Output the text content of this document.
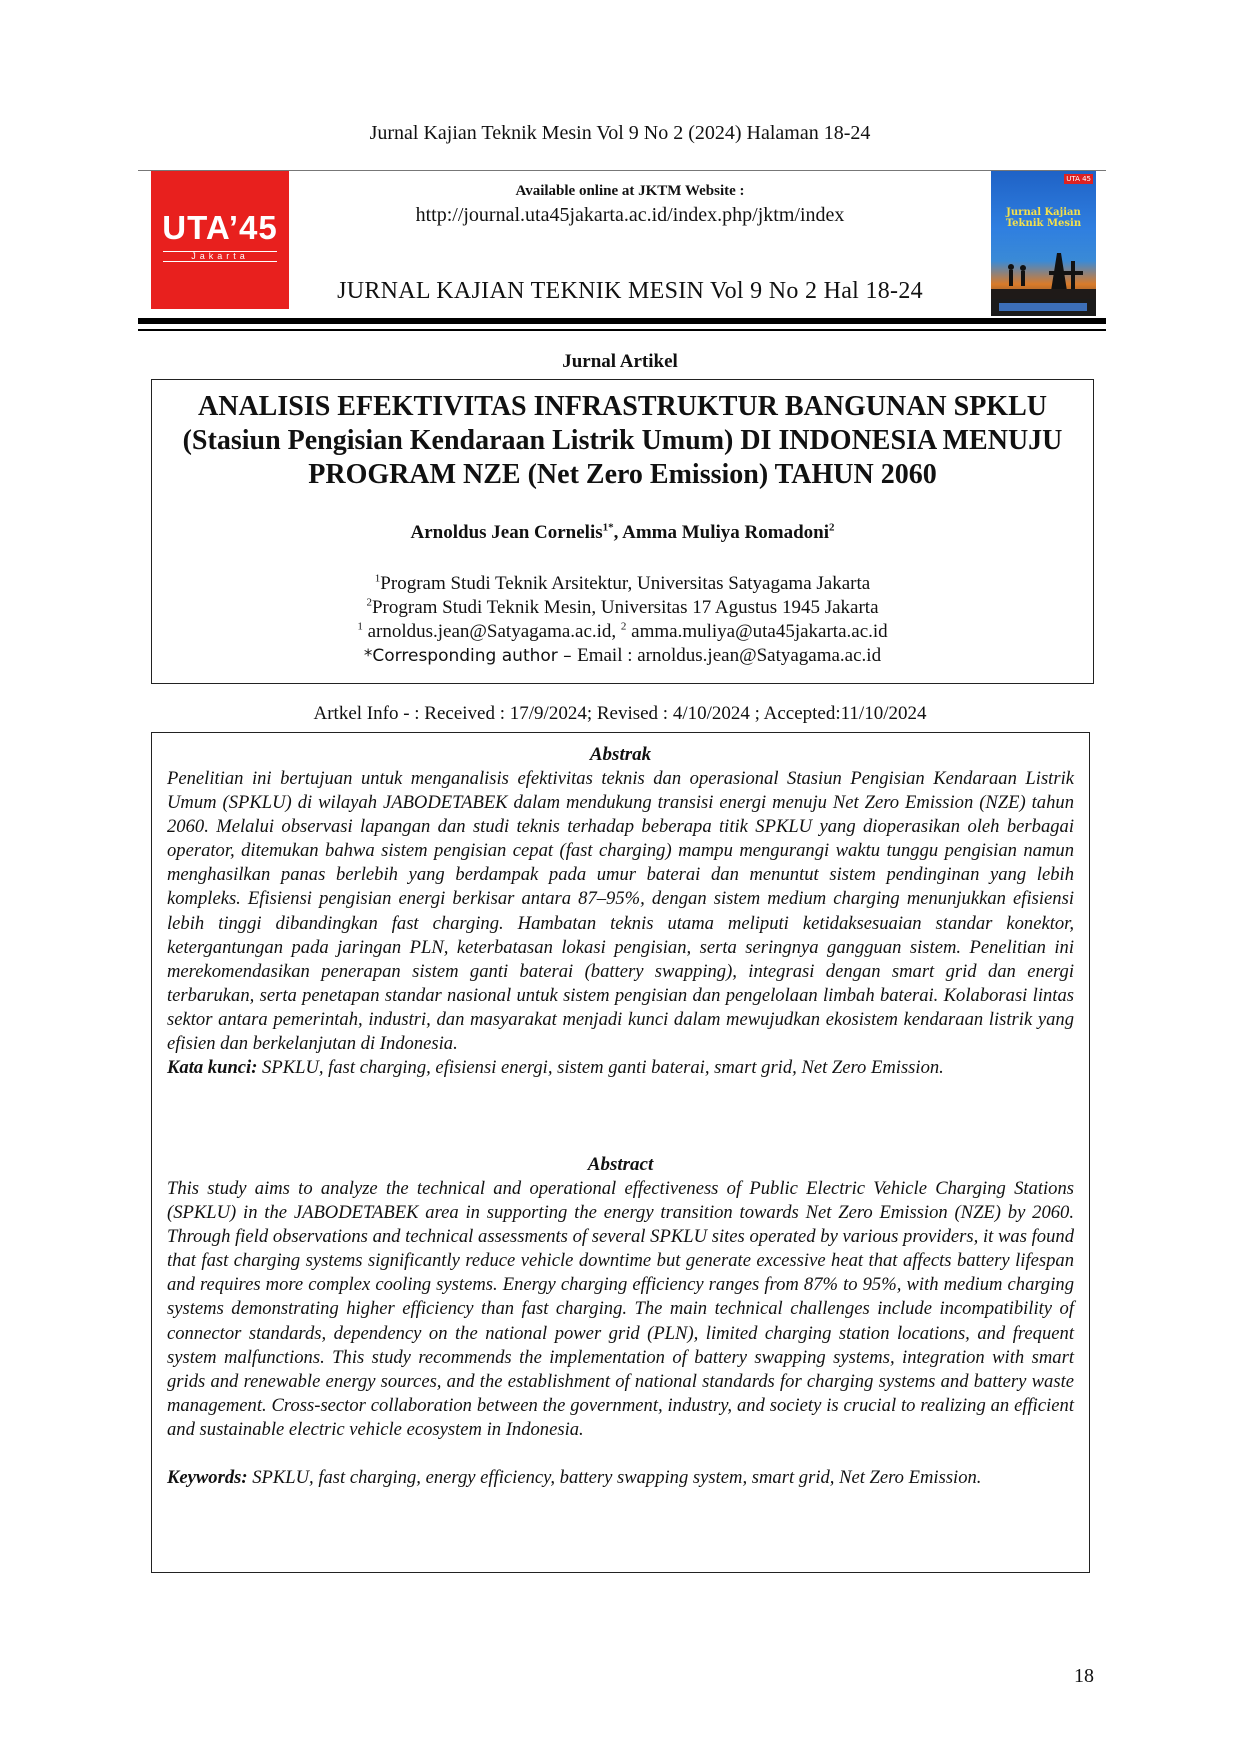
Jurnal Kajian Teknik Mesin Vol 9 No 2 (2024) Halaman 18-24
UTA’45
Jakarta
Available online at JKTM Website :
http://journal.uta45jakarta.ac.id/index.php/jktm/index
JURNAL KAJIAN TEKNIK MESIN Vol 9 No 2 Hal 18-24
UTA 45
Jurnal Kajian Teknik Mesin
Jurnal Artikel
ANALISIS EFEKTIVITAS INFRASTRUKTUR BANGUNAN SPKLU (Stasiun Pengisian Kendaraan Listrik Umum) DI INDONESIA MENUJU PROGRAM NZE (Net Zero Emission) TAHUN 2060
Arnoldus Jean Cornelis$^{1*}$, Amma Muliya Romadoni$^2$
$^1$Program Studi Teknik Arsitektur, Universitas Satyagama Jakarta
$^2$Program Studi Teknik Mesin, Universitas 17 Agustus 1945 Jakarta
$^1$ arnoldus.jean@Satyagama.ac.id, $^2$ amma.muliya@uta45jakarta.ac.id
*Corresponding author – Email : arnoldus.jean@Satyagama.ac.id
Artkel Info - : Received : 17/9/2024; Revised : 4/10/2024 ; Accepted:11/10/2024
Abstrak
Penelitian ini bertujuan untuk menganalisis efektivitas teknis dan operasional Stasiun Pengisian Kendaraan Listrik Umum (SPKLU) di wilayah JABODETABEK dalam mendukung transisi energi menuju Net Zero Emission (NZE) tahun 2060. Melalui observasi lapangan dan studi teknis terhadap beberapa titik SPKLU yang dioperasikan oleh berbagai operator, ditemukan bahwa sistem pengisian cepat (fast charging) mampu mengurangi waktu tunggu pengisian namun menghasilkan panas berlebih yang berdampak pada umur baterai dan menuntut sistem pendinginan yang lebih kompleks. Efisiensi pengisian energi berkisar antara 87–95%, dengan sistem medium charging menunjukkan efisiensi lebih tinggi dibandingkan fast charging. Hambatan teknis utama meliputi ketidaksesuaian standar konektor, ketergantungan pada jaringan PLN, keterbatasan lokasi pengisian, serta seringnya gangguan sistem. Penelitian ini merekomendasikan penerapan sistem ganti baterai (battery swapping), integrasi dengan smart grid dan energi terbarukan, serta penetapan standar nasional untuk sistem pengisian dan pengelolaan limbah baterai. Kolaborasi lintas sektor antara pemerintah, industri, dan masyarakat menjadi kunci dalam mewujudkan ekosistem kendaraan listrik yang efisien dan berkelanjutan di Indonesia.
Kata kunci: SPKLU, fast charging, efisiensi energi, sistem ganti baterai, smart grid, Net Zero Emission.
Abstract
This study aims to analyze the technical and operational effectiveness of Public Electric Vehicle Charging Stations (SPKLU) in the JABODETABEK area in supporting the energy transition towards Net Zero Emission (NZE) by 2060. Through field observations and technical assessments of several SPKLU sites operated by various providers, it was found that fast charging systems significantly reduce vehicle downtime but generate excessive heat that affects battery lifespan and requires more complex cooling systems. Energy charging efficiency ranges from 87% to 95%, with medium charging systems demonstrating higher efficiency than fast charging. The main technical challenges include incompatibility of connector standards, dependency on the national power grid (PLN), limited charging station locations, and frequent system malfunctions. This study recommends the implementation of battery swapping systems, integration with smart grids and renewable energy sources, and the establishment of national standards for charging systems and battery waste management. Cross-sector collaboration between the government, industry, and society is crucial to realizing an efficient and sustainable electric vehicle ecosystem in Indonesia.
Keywords: SPKLU, fast charging, energy efficiency, battery swapping system, smart grid, Net Zero Emission.
18
